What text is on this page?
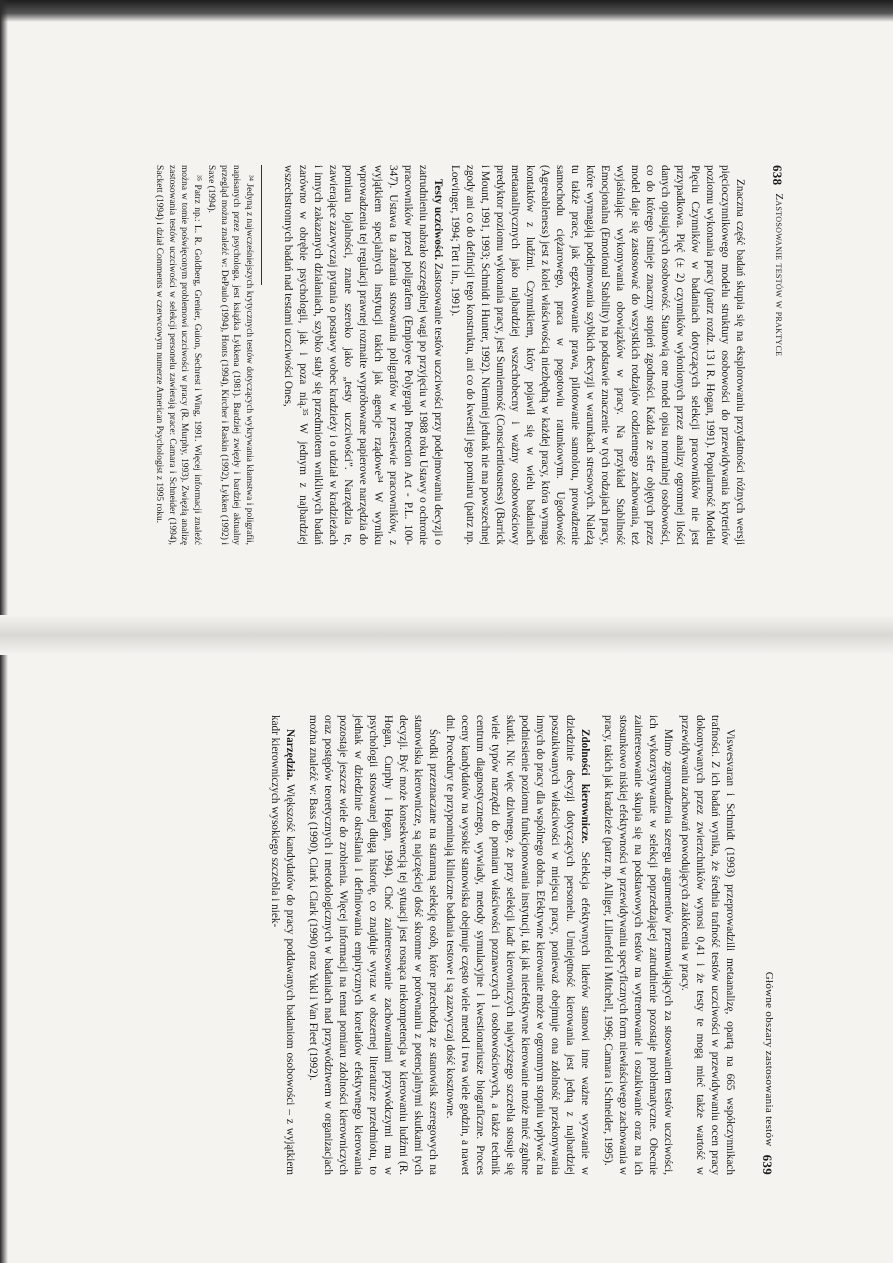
638
Zastosowanie testów w praktyce

Znaczna część badań skupia się na eksplorowaniu przydatności różnych wersji pięcioczynnikowego modelu struktury osobowości do przewidywania kryteriów poziomu wykonania pracy (patrz rozdz. 13 i R. Hogan, 1991). Popularność Modelu Pięciu Czynników w badaniach dotyczących selekcji pracowników nie jest przypadkowa. Pięć (± 2) czynników wyłonionych przez analizy ogromnej ilości danych opisujących osobowość. Stanowią one model opisu normalnej osobowości, co do którego istnieje znaczny stopień zgodności. Każda ze sfer objętych przez model daje się zastosować do wszystkich rodzajów codziennego zachowania, też wyjaśniając wykonywania obowiązków w pracy. Na przykład Stabilność Emocjonalna (Emotional Stability) na podstawie znaczenie w tych rodzajach pracy, które wymagają podejmowania szybkich decyzji w warunkach stresowych. Należą tu także prace, jak egzekwowanie prawa, pilotowanie samolotu, prowadzenie samochodu ciężarowego, praca w pogotowiu ratunkowym. Ugodowość (Agreeableness) jest z kolei właściwością niezbędną w każdej pracy, która wymaga kontaktów z ludźmi. Czynnikiem, który pojawił się w wielu badaniach metaanalitycznych jako najbardziej wszechobecny i ważny osobowościowy predyktor poziomu wykonania pracy, jest Sumienność (Conscientiousness) (Barrick i Mount, 1991, 1993; Schmidt i Hunter, 1992). Niemniej jednak nie ma powszechnej zgody ani co do definicji tego konstruktu, ani co do kwestii jego pomiaru (patrz np. Loevinger, 1994; Tett i in., 1991).

Testy uczciwości. Zastosowanie testów uczciwości przy podejmowaniu decyzji o zatrudnieniu nabrało szczególnej wagi po przyjęciu w 1988 roku Ustawy o ochronie pracowników przed poligrafem (Employee Polygraph Protection Act - P.L. 100-347). Ustawa ta zabrania stosowania poligrafów w przesiewie pracowników, z wyjątkiem specjalnych instytucji takich jak agencje rządowe³⁴ W wyniku wprowadzenia tej regulacji prawnej rozmaite wypróbowane papierowe narzędzia do pomiaru lojalności, znane szeroko jako „testy uczciwości”. Narzędzia te, zawierające zazwyczaj pytania o postawy wobec kradzieży i o udział w kradzieżach i innych zakazanych działaniach, szybko stały się przedmiotem wnikliwych badań zarówno w obrębie psychologii, jak i poza nią.³⁵ W jednym z najbardziej wszechstronnych badań nad testami uczciwości Ones,

³⁴ Jedyną z najwcześniejszych krytycznych testów dotyczących wykrywania kłamstwa i poligrafii, napisanych przez psychologa, jest książka Lykkena (1981). Bardziej zwięzły i bardziej aktualny przegląd można znaleźć w: DePaulo (1994), Honts (1994), Kircher i Raskin (1992), Lykken (1992) i Saxe (1994).

³⁵ Patrz np.: L. R. Goldberg, Grenier, Guion, Sechrest i Wing, 1991. Więcej informacji znaleźć można w tomie poświęconym problemowi uczciwości w pracy (R. Murphy, 1993). Zwięzłą analizę zastosowania testów uczciwości w selekcji personelu zawierają prace: Camara i Schneider (1994), Sackett (1994) i dział Comments w czerwcowym numerze American Psychologist z 1995 roku.

Główne obszary zastosowania testów
639

Viswesvaran i Schmidt (1993) przeprowadzili metaanalizę, opartą na 665 współczynnikach trafności. Z ich badań wynika, że średnia trafność testów uczciwości w przewidywaniu ocen pracy dokonywanych przez zwierzchników wynosi 0,41 i że testy te mogą mieć także wartość w przewidywaniu zachowań powodujących zakłócenia w pracy.

Mimo zgromadzenia szeregu argumentów przemawiających za stosowaniem testów uczciwości, ich wykorzystywanie w selekcji poprzedzającej zatrudnienie pozostaje problematyczne. Obecnie zainteresowanie skupia się na podstawowych testów na wytrenowanie i oszukiwanie oraz na ich stosunkowo niskiej efektywności w przewidywaniu specyficznych form niewłaściwego zachowania w pracy, takich jak kradzieże (patrz np. Alliger, Lilienfeld i Mitchell, 1996; Camara i Schneider, 1995).

Zdolności kierownicze. Selekcja efektywnych liderów stanowi inne ważne wyzwanie w dziedzinie decyzji dotyczących personelu. Umiejętność kierowania jest jedną z najbardziej poszukiwanych właściwości w miejscu pracy, ponieważ obejmuje ona zdolność przekonywania innych do pracy dla wspólnego dobra. Efektywne kierowanie może w ogromnym stopniu wpływać na podniesienie poziomu funkcjonowania instytucji, tak jak nieefektywne kierowanie może mieć zgubne skutki. Nic więc dziwnego, że przy selekcji kadr kierowniczych najwyższego szczebla stosuje się wiele typów narzędzi do pomiaru właściwości poznawczych i osobowościowych, a także technik centrum diagnostycznego, wywiady, metody symulacyjne i kwestionariusze biograficzne. Proces oceny kandydatów na wysokie stanowiska obejmuje często wiele metod i trwa wiele godzin, a nawet dni. Procedury te przypominają kliniczne badania testowe i są zazwyczaj dość kosztowne.

Środki przeznaczane na staranną selekcję osób, które przechodzą ze stanowisk szeregowych na stanowiska kierownicze, są najczęściej dość skromne w porównaniu z potencjalnymi skutkami tych decyzji. Być może konsekwencją tej sytuacji jest rosnąca niekompetencja w kierowaniu ludźmi (R. Hogan, Curphy i Hogan, 1994). Choć zainteresowanie zachowaniami przywódczymi ma w psychologii stosowanej długą historię, co znajduje wyraz w obszernej literaturze przedmiotu, to jednak w dziedzinie określania i definiowania empirycznych korelatów efektywnego kierowania pozostaje jeszcze wiele do zrobienia. Więcej informacji na temat pomiaru zdolności kierowniczych oraz postępów teoretycznych i metodologicznych w badaniach nad przywództwem w organizacjach można znaleźć w: Bass (1990), Clark i Clark (1990) oraz Yukl i Van Fleet (1992).

Narzędzia. Większość kandydatów do pracy poddawanych badaniom osobowości – z wyjątkiem kadr kierowniczych wysokiego szczebla i niek-
